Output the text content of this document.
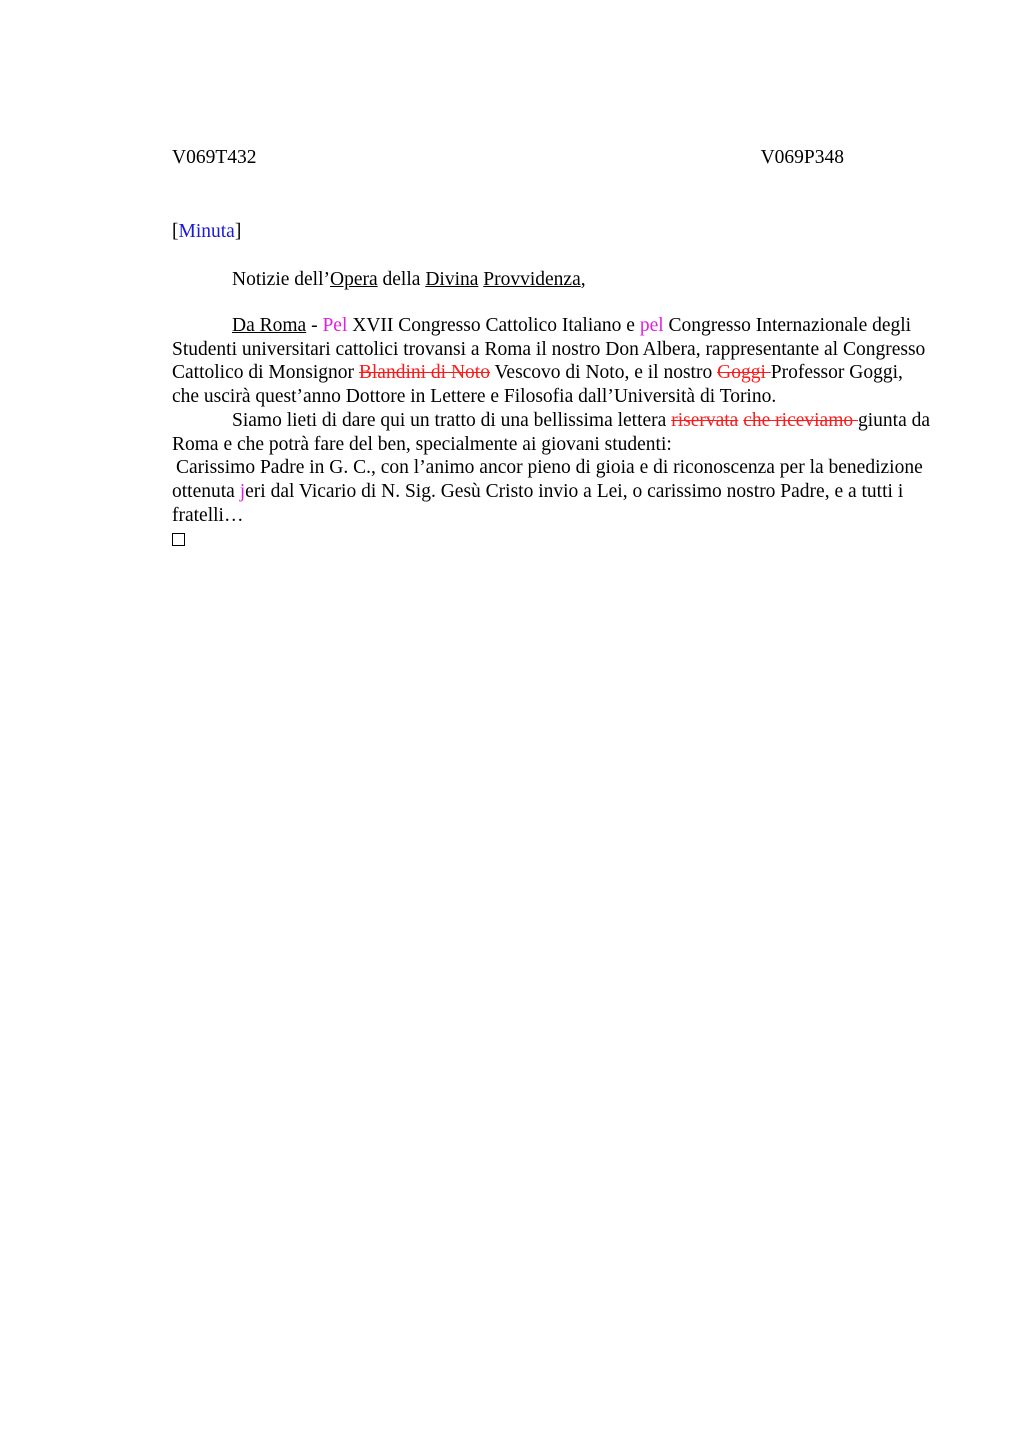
V069T432	V069P348
[Minuta]
Notizie dell’Opera della Divina Provvidenza,
Da Roma - Pel XVII Congresso Cattolico Italiano e pel Congresso Internazionale degli Studenti universitari cattolici trovansi a Roma il nostro Don Albera, rappresentante al Congresso Cattolico di Monsignor Blandini di Noto Vescovo di Noto, e il nostro Goggi Professor Goggi, che uscirà quest’anno Dottore in Lettere e Filosofia dall’Università di Torino.
Siamo lieti di dare qui un tratto di una bellissima lettera riservata che riceviamo giunta da Roma e che potrà fare del ben, specialmente ai giovani studenti:
Carissimo Padre in G. C., con l’animo ancor pieno di gioia e di riconoscenza per la benedizione ottenuta jeri dal Vicario di N. Sig. Gesù Cristo invio a Lei, o carissimo nostro Padre, e a tutti i fratelli…
